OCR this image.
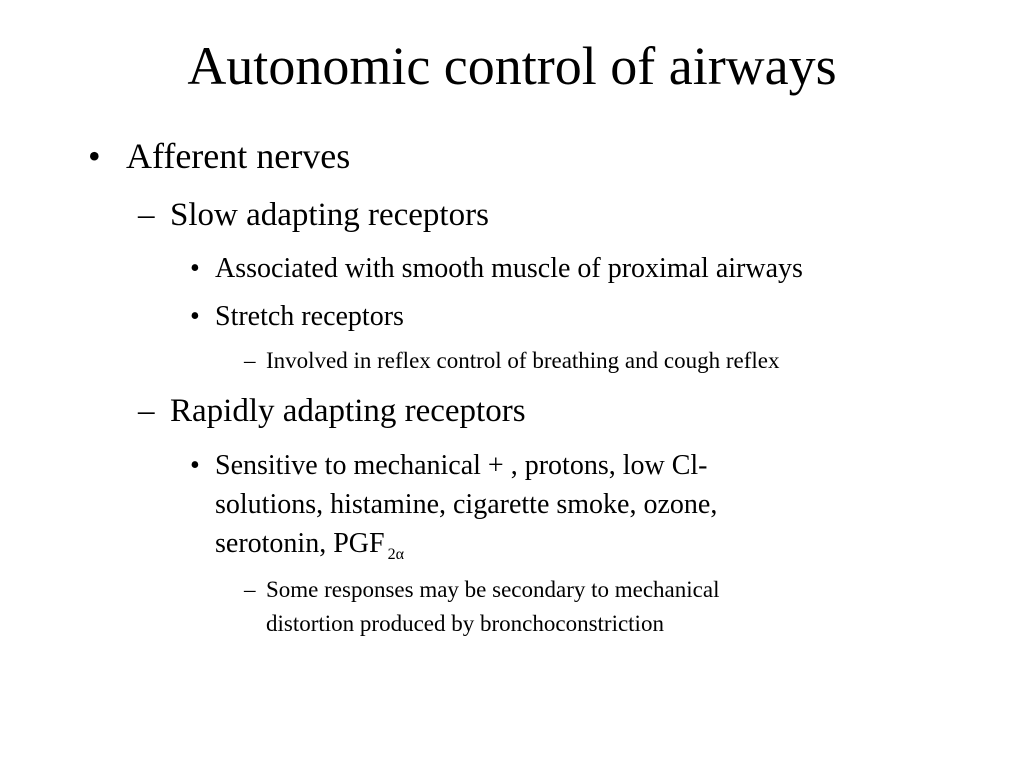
Autonomic control of airways
• Afferent nerves
– Slow adapting receptors
• Associated with smooth muscle of proximal airways
• Stretch receptors
– Involved in reflex control of breathing and cough reflex
– Rapidly adapting receptors
• Sensitive to mechanical + , protons, low Cl-
solutions, histamine, cigarette smoke, ozone,
serotonin, PGF $_{2\alpha}$
– Some responses may be secondary to mechanical
distortion produced by bronchoconstriction
